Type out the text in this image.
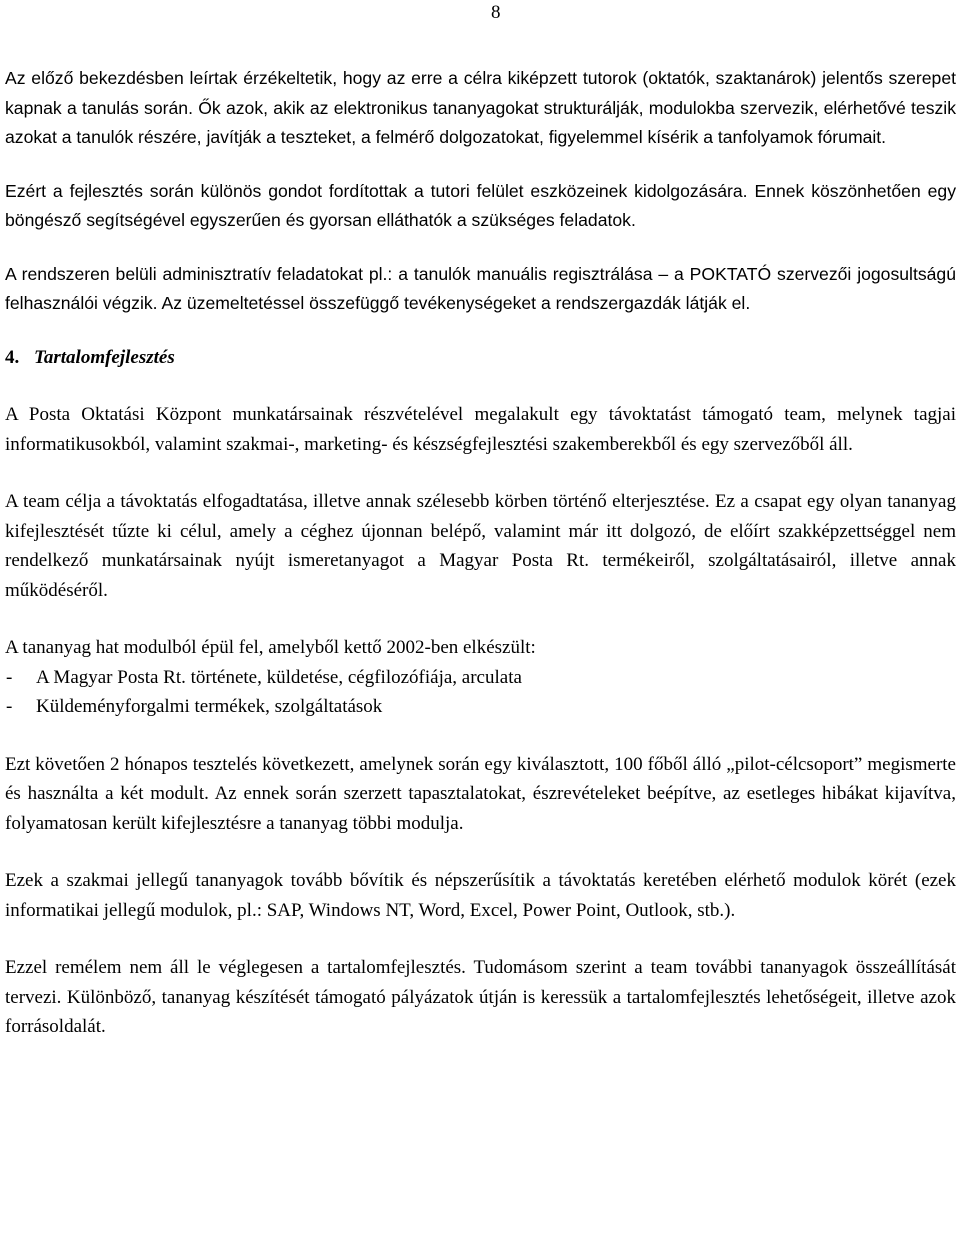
8

Az előző bekezdésben leírtak érzékeltetik, hogy az erre a célra kiképzett tutorok (oktatók, szaktanárok) jelentős szerepet kapnak a tanulás során. Ők azok, akik az elektronikus tananyagokat strukturálják, modulokba szervezik, elérhetővé teszik azokat a tanulók részére, javítják a teszteket, a felmérő dolgozatokat, figyelemmel kísérik a tanfolyamok fórumait.

Ezért a fejlesztés során különös gondot fordítottak a tutori felület eszközeinek kidolgozására. Ennek köszönhetően egy böngésző segítségével egyszerűen és gyorsan elláthatók a szükséges feladatok.

A rendszeren belüli adminisztratív feladatokat pl.: a tanulók manuális regisztrálása – a POKTATÓ szervezői jogosultságú felhasználói végzik. Az üzemeltetéssel összefüggő tevékenységeket a rendszergazdák látják el.

4. Tartalomfejlesztés

A Posta Oktatási Központ munkatársainak részvételével megalakult egy távoktatást támogató team, melynek tagjai informatikusokból, valamint szakmai-, marketing- és készségfejlesztési szakemberekből és egy szervezőből áll.

A team célja a távoktatás elfogadtatása, illetve annak szélesebb körben történő elterjesztése. Ez a csapat egy olyan tananyag kifejlesztését tűzte ki célul, amely a céghez újonnan belépő, valamint már itt dolgozó, de előírt szakképzettséggel nem rendelkező munkatársainak nyújt ismeretanyagot a Magyar Posta Rt. termékeiről, szolgáltatásairól, illetve annak működéséről.

A tananyag hat modulból épül fel, amelyből kettő 2002-ben elkészült:

- A Magyar Posta Rt. története, küldetése, cégfilozófiája, arculata
- Küldeményforgalmi termékek, szolgáltatások

Ezt követően 2 hónapos tesztelés következett, amelynek során egy kiválasztott, 100 főből álló „pilot-célcsoport” megismerte és használta a két modult. Az ennek során szerzett tapasztalatokat, észrevételeket beépítve, az esetleges hibákat kijavítva, folyamatosan került kifejlesztésre a tananyag többi modulja.

Ezek a szakmai jellegű tananyagok tovább bővítik és népszerűsítik a távoktatás keretében elérhető modulok körét (ezek informatikai jellegű modulok, pl.: SAP, Windows NT, Word, Excel, Power Point, Outlook, stb.).

Ezzel remélem nem áll le véglegesen a tartalomfejlesztés. Tudomásom szerint a team további tananyagok összeállítását tervezi. Különböző, tananyag készítését támogató pályázatok útján is keressük a tartalomfejlesztés lehetőségeit, illetve azok forrásoldalát.
